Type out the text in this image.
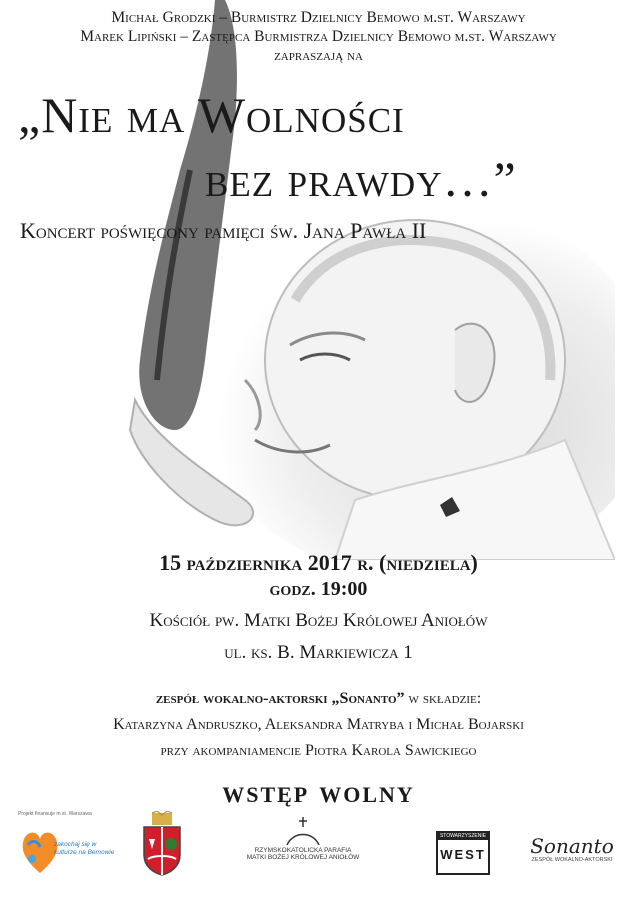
Michał Grodzki – Burmistrz Dzielnicy Bemowo m.st. Warszawy
Marek Lipiński – Zastępca Burmistrza Dzielnicy Bemowo m.st. Warszawy
zapraszają na
„Nie ma Wolności
bez prawdy…”
Koncert poświęcony pamięci św. Jana Pawła II
15 października 2017 r. (niedziela)
godz. 19:00
Kościół pw. Matki Bożej Królowej Aniołów
ul. ks. B. Markiewicza 1
zespół wokalno-aktorski „Sonanto” w składzie:
Katarzyna Andruszko, Aleksandra Matryba i Michał Bojarski
przy akompaniamencie Piotra Karola Sawickiego
wstęp wolny
Projekt finansuje m.st. Warszawa
zakochaj się w kulturze na Bemowie	RZYMSKOKATOLICKA PARAFIA
MATKI BOŻEJ KRÓLOWEJ ANIOŁÓW
STOWARZYSZENIE
WEST	Sonanto
ZESPÓŁ WOKALNO-AKTORSKI
